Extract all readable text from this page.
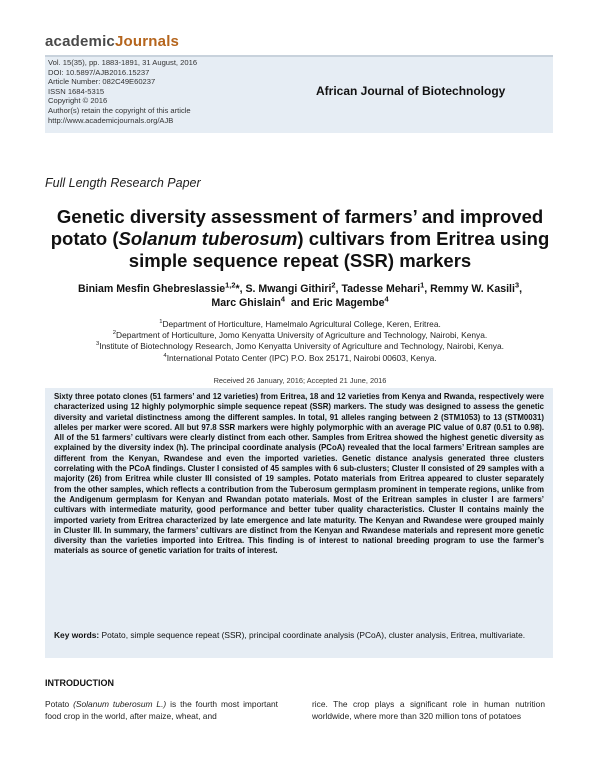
academicJournals
Vol. 15(35), pp. 1883-1891, 31 August, 2016
DOI: 10.5897/AJB2016.15237
Article Number: 082C49E60237
ISSN 1684-5315
Copyright © 2016
Author(s) retain the copyright of this article
http://www.academicjournals.org/AJB
African Journal of Biotechnology
Full Length Research Paper
Genetic diversity assessment of farmers’ and improved potato (Solanum tuberosum) cultivars from Eritrea using simple sequence repeat (SSR) markers
Biniam Mesfin Ghebreslassie$^{1,2}$*, S. Mwangi Githiri$^2$, Tadesse Mehari$^1$, Remmy W. Kasili$^3$,
Marc Ghislain$^4$  and Eric Magembe$^4$
$^1$Department of Horticulture, Hamelmalo Agricultural College, Keren, Eritrea.
$^2$Department of Horticulture, Jomo Kenyatta University of Agriculture and Technology, Nairobi, Kenya.
$^3$Institute of Biotechnology Research, Jomo Kenyatta University of Agriculture and Technology, Nairobi, Kenya.
$^4$International Potato Center (IPC) P.O. Box 25171, Nairobi 00603, Kenya.
Received 26 January, 2016; Accepted 21 June, 2016
Sixty three potato clones (51 farmers’ and 12 varieties) from Eritrea, 18 and 12 varieties from Kenya and Rwanda, respectively were characterized using 12 highly polymorphic simple sequence repeat (SSR) markers. The study was designed to assess the genetic diversity and varietal distinctness among the different samples. In total, 91 alleles ranging between 2 (STM1053) to 13 (STM0031) alleles per marker were scored. All but 97.8 SSR markers were highly polymorphic with an average PIC value of 0.87 (0.51 to 0.98). All of the 51 farmers’ cultivars were clearly distinct from each other. Samples from Eritrea showed the highest genetic diversity as explained by the diversity index (h). The principal coordinate analysis (PCoA) revealed that the local farmers’ Eritrean samples are different from the Kenyan, Rwandese and even the imported varieties. Genetic distance analysis generated three clusters correlating with the PCoA findings. Cluster I consisted of 45 samples with 6 sub-clusters; Cluster II consisted of 29 samples with a majority (26) from Eritrea while cluster III consisted of 19 samples. Potato materials from Eritrea appeared to cluster separately from the other samples, which reflects a contribution from the Tuberosum germplasm prominent in temperate regions, unlike from the Andigenum germplasm for Kenyan and Rwandan potato materials. Most of the Eritrean samples in cluster I are farmers’ cultivars with intermediate maturity, good performance and better tuber quality characteristics. Cluster II contains mainly the imported variety from Eritrea characterized by late emergence and late maturity. The Kenyan and Rwandese were grouped mainly in Cluster III. In summary, the farmers’ cultivars are distinct from the Kenyan and Rwandese materials and represent more genetic diversity than the varieties imported into Eritrea. This finding is of interest to national breeding program to use the farmer’s materials as source of genetic variation for traits of interest.
Key words: Potato, simple sequence repeat (SSR), principal coordinate analysis (PCoA), cluster analysis, Eritrea, multivariate.
INTRODUCTION
Potato (Solanum tuberosum L.) is the fourth most important food crop in the world, after maize, wheat, and
rice. The crop plays a significant role in human nutrition worldwide, where more than 320 million tons of potatoes
